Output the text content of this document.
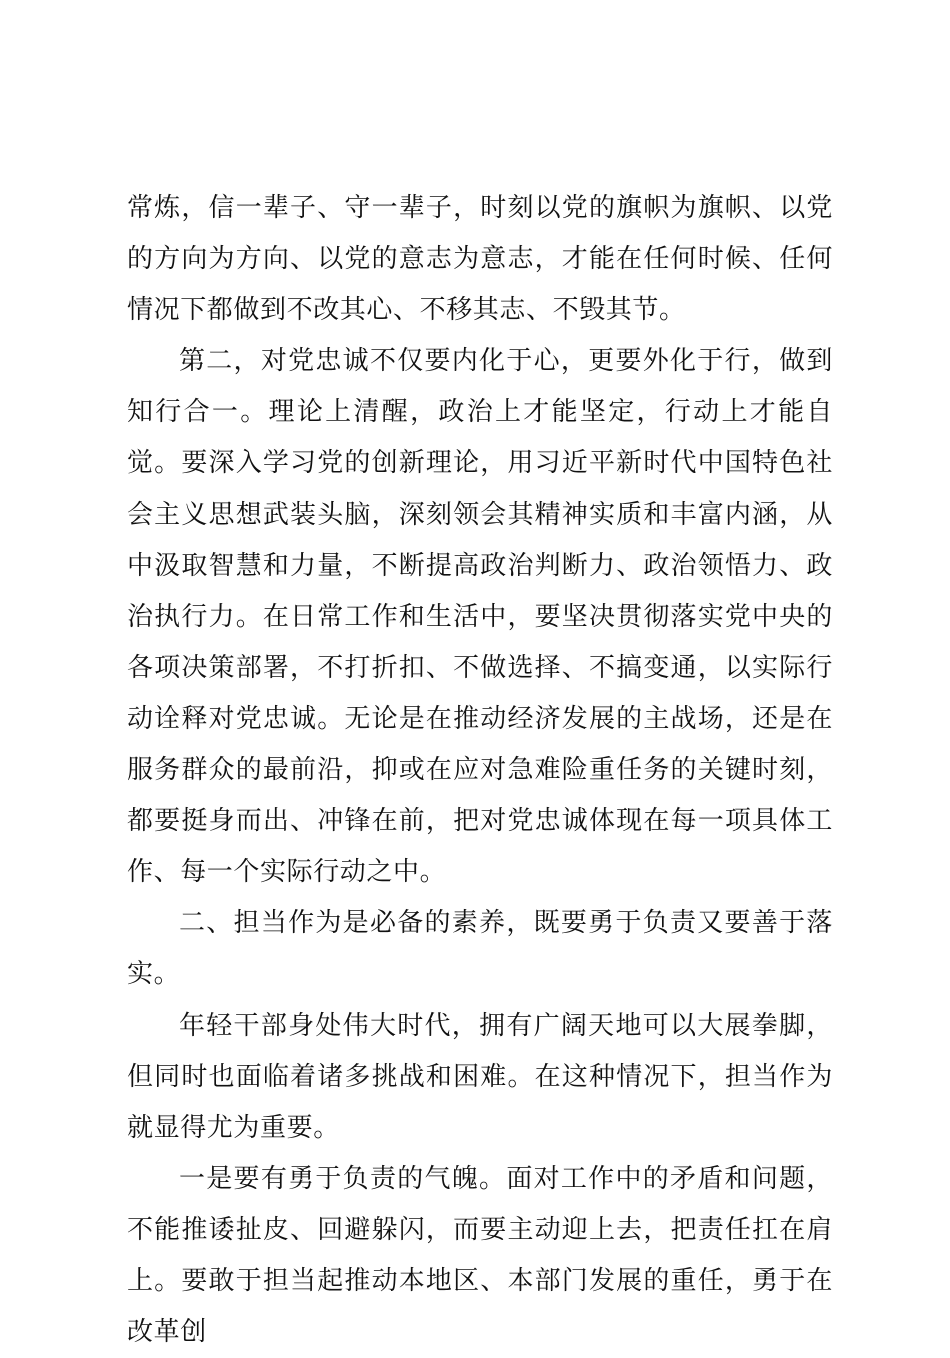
常炼，信一辈子、守一辈子，时刻以党的旗帜为旗帜、以党的方向为方向、以党的意志为意志，才能在任何时候、任何情况下都做到不改其心、不移其志、不毁其节。

第二，对党忠诚不仅要内化于心，更要外化于行，做到知行合一。理论上清醒，政治上才能坚定，行动上才能自觉。要深入学习党的创新理论，用习近平新时代中国特色社会主义思想武装头脑，深刻领会其精神实质和丰富内涵，从中汲取智慧和力量，不断提高政治判断力、政治领悟力、政治执行力。在日常工作和生活中，要坚决贯彻落实党中央的各项决策部署，不打折扣、不做选择、不搞变通，以实际行动诠释对党忠诚。无论是在推动经济发展的主战场，还是在服务群众的最前沿，抑或在应对急难险重任务的关键时刻，都要挺身而出、冲锋在前，把对党忠诚体现在每一项具体工作、每一个实际行动之中。

二、担当作为是必备的素养，既要勇于负责又要善于落实。

年轻干部身处伟大时代，拥有广阔天地可以大展拳脚，但同时也面临着诸多挑战和困难。在这种情况下，担当作为就显得尤为重要。

一是要有勇于负责的气魄。面对工作中的矛盾和问题，不能推诿扯皮、回避躲闪，而要主动迎上去，把责任扛在肩上。要敢于担当起推动本地区、本部门发展的重任，勇于在改革创
